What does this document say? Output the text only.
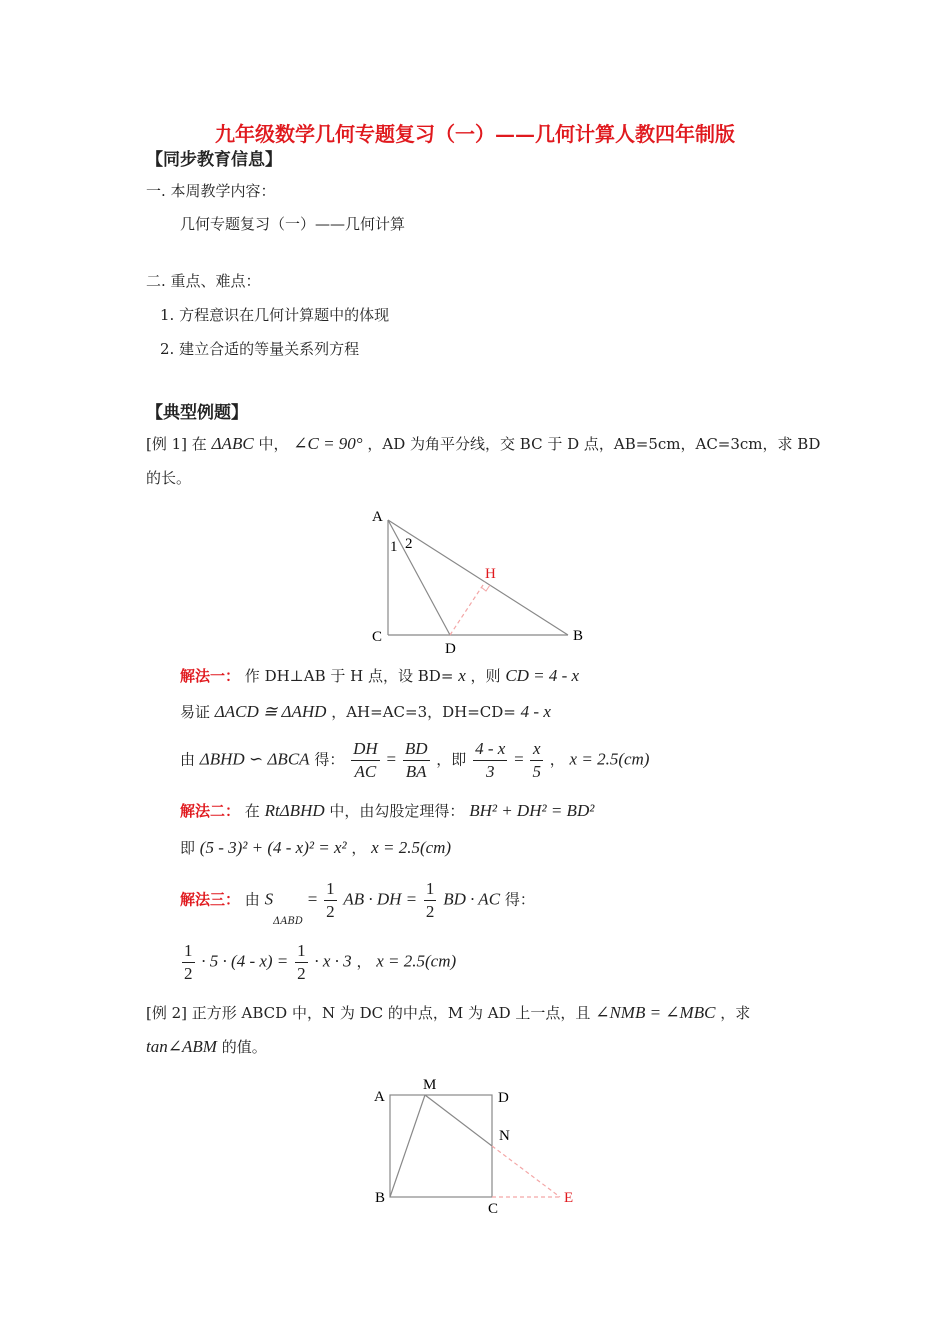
九年级数学几何专题复习（一）——几何计算人教四年制版
【同步教育信息】
一. 本周教学内容：
几何专题复习（一）——几何计算
二. 重点、难点：
1. 方程意识在几何计算题中的体现
2. 建立合适的等量关系列方程
【典型例题】
[例 1] 在 ΔABC 中， ∠C = 90° ，AD 为角平分线，交 BC 于 D 点，AB=5cm，AC=3cm，求 BD
的长。
A
1 2
H
C
D
B
解法一： 作 DH⊥AB 于 H 点，设 BD= x ，则 CD = 4 - x
易证 ΔACD ≅ ΔAHD ，AH=AC=3，DH=CD= 4 - x
由 ΔBHD ∽ ΔBCA 得： $\frac{DH}{AC} = \frac{BD}{BA}$ ，即 $\frac{4 - x}{3} = \frac{x}{5}$ ， x = 2.5(cm)
解法二： 在 RtΔBHD 中，由勾股定理得： BH² + DH² = BD²
即 (5 - 3)² + (4 - x)² = x² ， x = 2.5(cm)
解法三： 由 $S_{\Delta ABD} = \frac{1}{2}$ AB · DH = $\frac{1}{2}$ BD · AC 得：
$\frac{1}{2} \cdot 5 \cdot (4 - x) = \frac{1}{2} \cdot x \cdot 3$ ， x = 2.5(cm)
[例 2] 正方形 ABCD 中，N 为 DC 的中点，M 为 AD 上一点，且 ∠NMB = ∠MBC ，求
tan∠ABM 的值。
A
M
D
N
B
C
E
